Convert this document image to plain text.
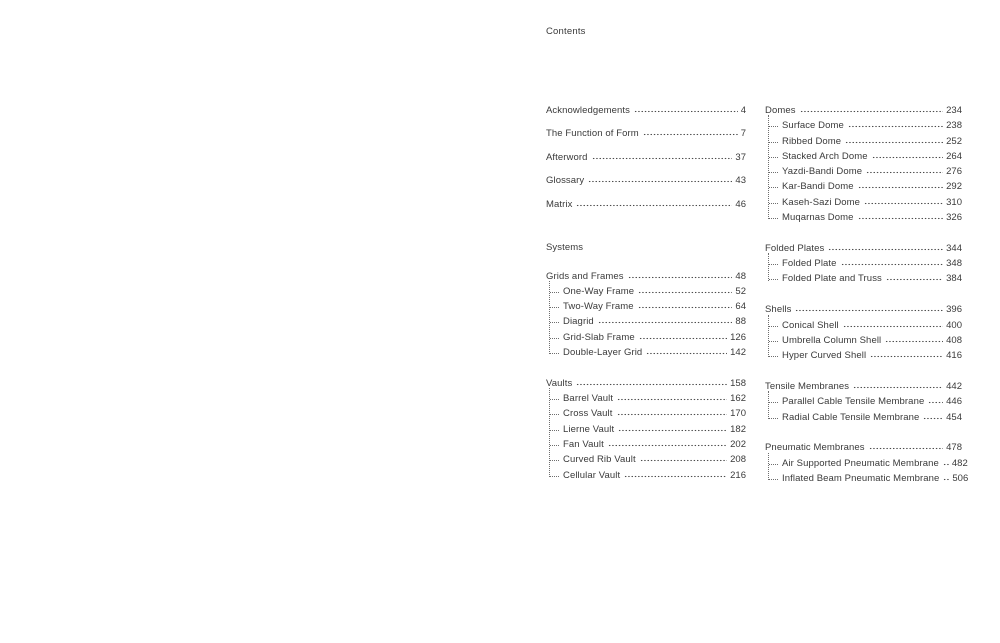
Contents
Acknowledgements	4
The Function of Form	7
Afterword	37
Glossary	43
Matrix	46
Systems
Grids and Frames	48
One-Way Frame	52
Two-Way Frame	64
Diagrid	88
Grid-Slab Frame	126
Double-Layer Grid	142
Vaults	158
Barrel Vault	162
Cross Vault	170
Lierne Vault	182
Fan Vault	202
Curved Rib Vault	208
Cellular Vault	216
Domes	234
Surface Dome	238
Ribbed Dome	252
Stacked Arch Dome	264
Yazdi-Bandi Dome	276
Kar-Bandi Dome	292
Kaseh-Sazi Dome	310
Muqarnas Dome	326
Folded Plates	344
Folded Plate	348
Folded Plate and Truss	384
Shells	396
Conical Shell	400
Umbrella Column Shell	408
Hyper Curved Shell	416
Tensile Membranes	442
Parallel Cable Tensile Membrane 446
Radial Cable Tensile Membrane	454
Pneumatic Membranes	478
Air Supported Pneumatic Membrane 482
Inflated Beam Pneumatic Membrane 506
